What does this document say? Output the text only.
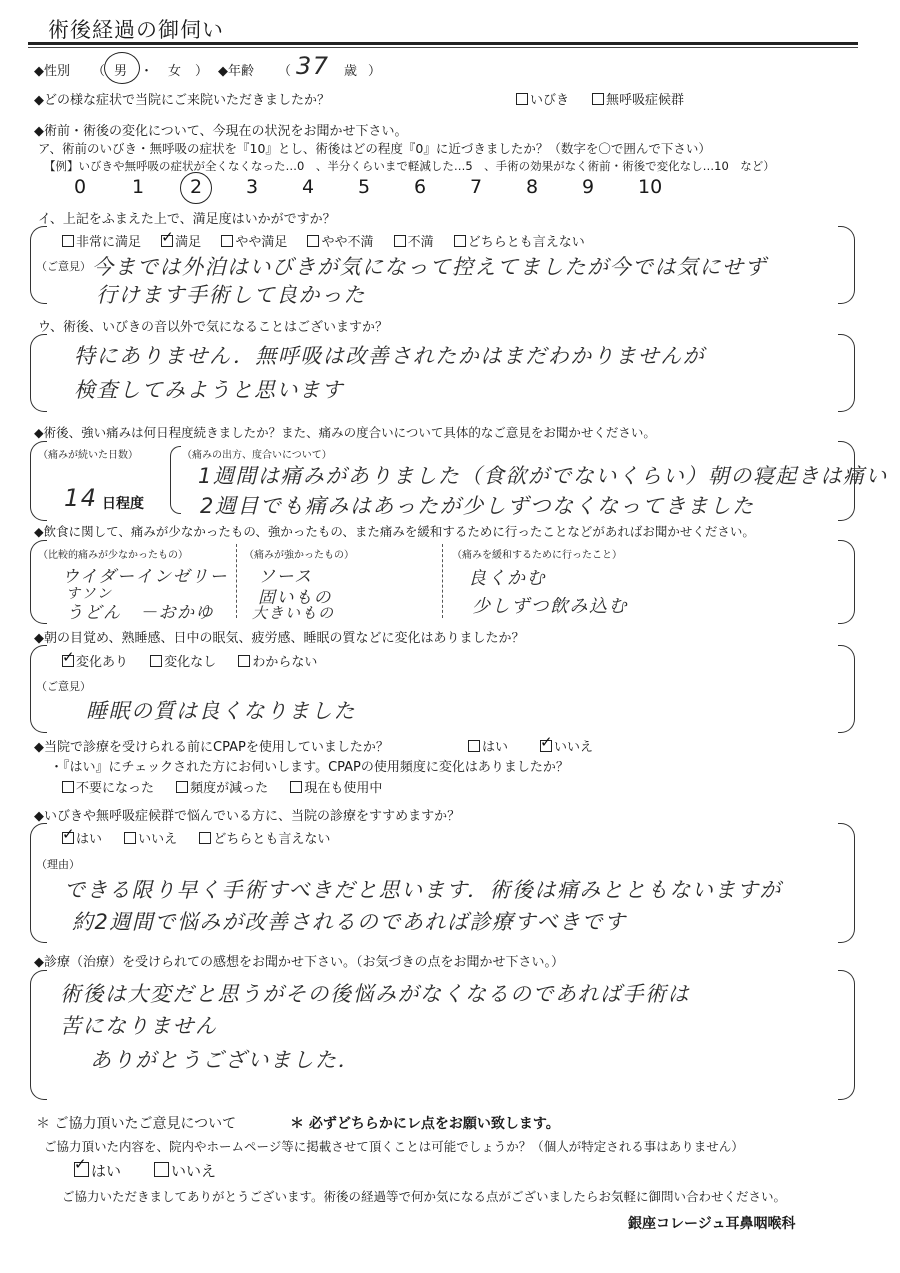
術後経過の御伺い
◆性別 （ 男 ・ 女 ） ◆年齢 （ 37 歳 ）
◆どの様な症状で当院にご来院いただきましたか？	いびき	無呼吸症候群
◆術前・術後の変化について、今現在の状況をお聞かせ下さい。
ア、術前のいびき・無呼吸の症状を『10』とし、術後はどの程度『0』に近づきましたか？（数字を〇で囲んで下さい）
【例】いびきや無呼吸の症状が全くなくなった…0　、半分くらいまで軽減した…5　、手術の効果がなく術前・術後で変化なし…10　など）
0 1 2 3 4 5 6 7 8 9 10
イ、上記をふまえた上で、満足度はいかがですか？
非常に満足 ✓	満足	やや満足	やや不満	不満	どちらとも言えない
（ご意見） 今までは外泊はいびきが気になって控えてましたが今では気にせず
行けます手術して良かった
ウ、術後、いびきの音以外で気になることはございますか？
特にありません．無呼吸は改善されたかはまだわかりませんが
検査してみようと思います
◆術後、強い痛みは何日程度続きましたか？また、痛みの度合いについて具体的なご意見をお聞かせください。
（痛みが続いた日数）
14 日程度
（痛みの出方、度合いについて）
1週間は痛みがありました（食欲がでないくらい）朝の寝起きは痛い
2週目でも痛みはあったが少しずつなくなってきました
◆飲食に関して、痛みが少なかったもの、強かったもの、また痛みを緩和するために行ったことなどがあればお聞かせください。
（比較的痛みが少なかったもの）
ウイダーインゼリー
すソン
うどん　－おかゆ
（痛みが強かったもの）
ソース
固いもの
大きいもの
（痛みを緩和するために行ったこと）
良くかむ
少しずつ飲み込む
◆朝の目覚め、熟睡感、日中の眠気、疲労感、睡眠の質などに変化はありましたか？
✓変化あり	変化なし	わからない
（ご意見）
睡眠の質は良くなりました
◆当院で診療を受けられる前にCPAPを使用していましたか？	はい ✓	いいえ
・『はい』にチェックされた方にお伺いします。CPAPの使用頻度に変化はありましたか？
不要になった	頻度が減った	現在も使用中
◆いびきや無呼吸症候群で悩んでいる方に、当院の診療をすすめますか？
✓はい	いいえ	どちらとも言えない
（理由）
できる限り早く手術すべきだと思います．術後は痛みとともないますが
約2週間で悩みが改善されるのであれば診療すべきです
◆診療（治療）を受けられての感想をお聞かせ下さい。（お気づきの点をお聞かせ下さい。）
術後は大変だと思うがその後悩みがなくなるのであれば手術は
苦になりません
ありがとうございました．
＊ ご協力頂いたご意見について	＊ 必ずどちらかにレ点をお願い致します。
ご協力頂いた内容を、院内やホームページ等に掲載させて頂くことは可能でしょうか？（個人が特定される事はありません）
✓はい	いいえ
ご協力いただきましてありがとうございます。術後の経過等で何か気になる点がございましたらお気軽に御問い合わせください。
銀座コレージュ耳鼻咽喉科
